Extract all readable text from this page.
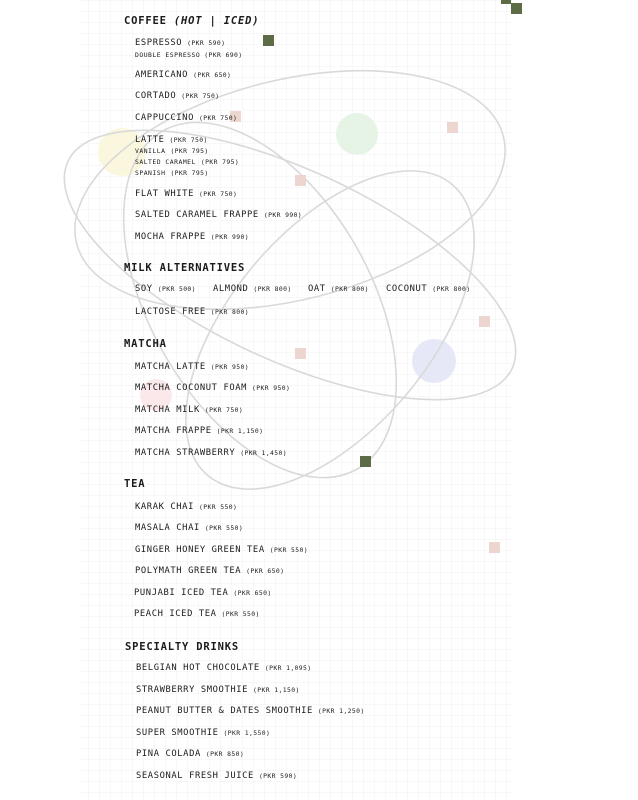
COFFEE (HOT | ICED)
ESPRESSO (PKR 590)
DOUBLE ESPRESSO (PKR 690)
AMERICANO (PKR 650)
CORTADO (PKR 750)
CAPPUCCINO (PKR 750)
LATTE (PKR 750)
VANILLA (PKR 795)
SALTED CARAMEL (PKR 795)
SPANISH (PKR 795)
FLAT WHITE (PKR 750)
SALTED CARAMEL FRAPPE (PKR 990)
MOCHA FRAPPE (PKR 990)
MILK ALTERNATIVES
SOY (PKR 500) ALMOND (PKR 800) OAT (PKR 800) COCONUT (PKR 800)
LACTOSE FREE (PKR 800)
MATCHA
MATCHA LATTE (PKR 950)
MATCHA COCONUT FOAM (PKR 950)
MATCHA MILK (PKR 750)
MATCHA FRAPPE (PKR 1,150)
MATCHA STRAWBERRY (PKR 1,450)
TEA
KARAK CHAI (PKR 550)
MASALA CHAI (PKR 550)
GINGER HONEY GREEN TEA (PKR 550)
POLYMATH GREEN TEA (PKR 650)
PUNJABI ICED TEA (PKR 650)
PEACH ICED TEA (PKR 550)
SPECIALTY DRINKS
BELGIAN HOT CHOCOLATE (PKR 1,095)
STRAWBERRY SMOOTHIE (PKR 1,150)
PEANUT BUTTER & DATES SMOOTHIE (PKR 1,250)
SUPER SMOOTHIE (PKR 1,550)
PINA COLADA (PKR 850)
SEASONAL FRESH JUICE (PKR 590)
